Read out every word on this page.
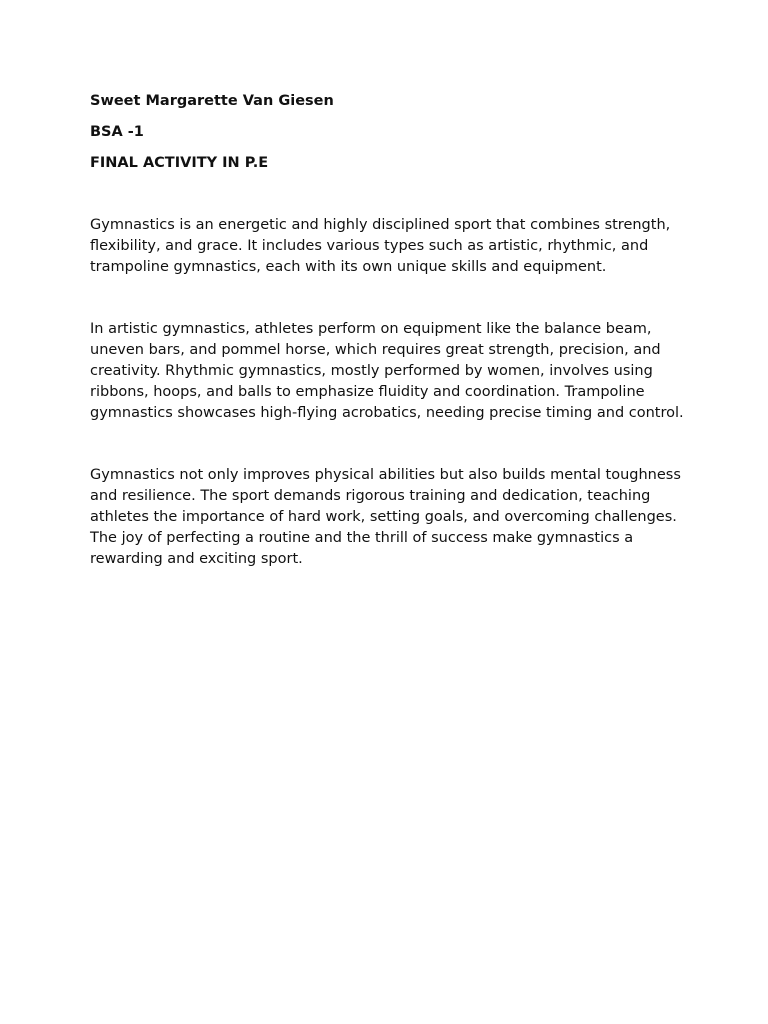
Sweet Margarette Van Giesen
BSA -1
FINAL ACTIVITY IN P.E

Gymnastics is an energetic and highly disciplined sport that combines strength, flexibility, and grace. It includes various types such as artistic, rhythmic, and trampoline gymnastics, each with its own unique skills and equipment.

In artistic gymnastics, athletes perform on equipment like the balance beam, uneven bars, and pommel horse, which requires great strength, precision, and creativity. Rhythmic gymnastics, mostly performed by women, involves using ribbons, hoops, and balls to emphasize fluidity and coordination. Trampoline gymnastics showcases high-flying acrobatics, needing precise timing and control.

Gymnastics not only improves physical abilities but also builds mental toughness and resilience. The sport demands rigorous training and dedication, teaching athletes the importance of hard work, setting goals, and overcoming challenges. The joy of perfecting a routine and the thrill of success make gymnastics a rewarding and exciting sport.
